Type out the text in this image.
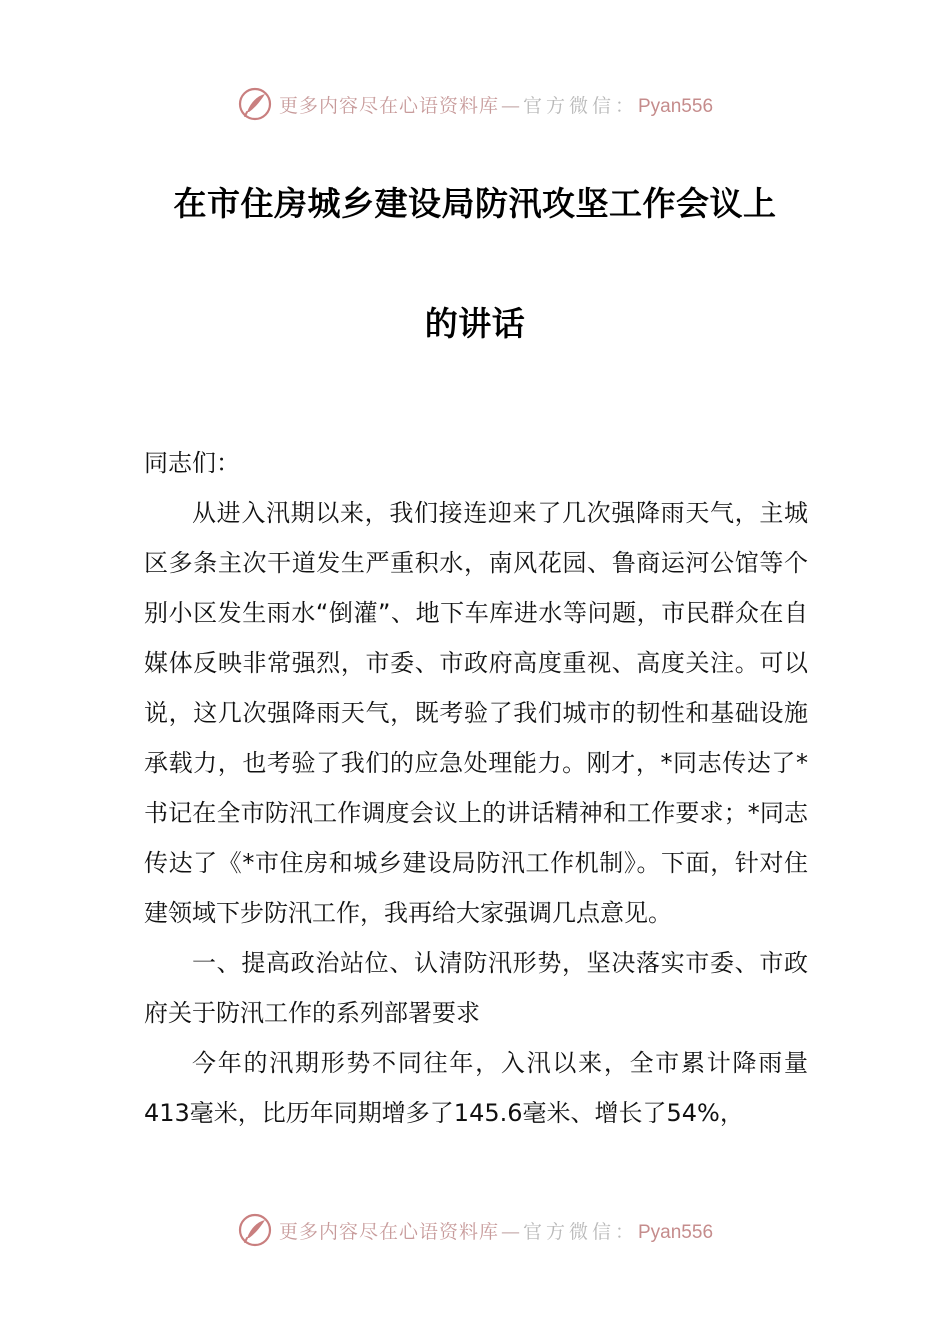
更多内容尽在心语资料库 — 官方微信：Pyan556
在市住房城乡建设局防汛攻坚工作会议上
的讲话

同志们：

从进入汛期以来，我们接连迎来了几次强降雨天气，主城区多条主次干道发生严重积水，南风花园、鲁商运河公馆等个别小区发生雨水“倒灌”、地下车库进水等问题，市民群众在自媒体反映非常强烈，市委、市政府高度重视、高度关注。可以说，这几次强降雨天气，既考验了我们城市的韧性和基础设施承载力，也考验了我们的应急处理能力。刚才，*同志传达了*书记在全市防汛工作调度会议上的讲话精神和工作要求；*同志传达了《*市住房和城乡建设局防汛工作机制》。下面，针对住建领域下步防汛工作，我再给大家强调几点意见。

一、提高政治站位、认清防汛形势，坚决落实市委、市政府关于防汛工作的系列部署要求

今年的汛期形势不同往年，入汛以来，全市累计降雨量413毫米，比历年同期增多了145.6毫米、增长了54%，

更多内容尽在心语资料库 — 官方微信：Pyan556
